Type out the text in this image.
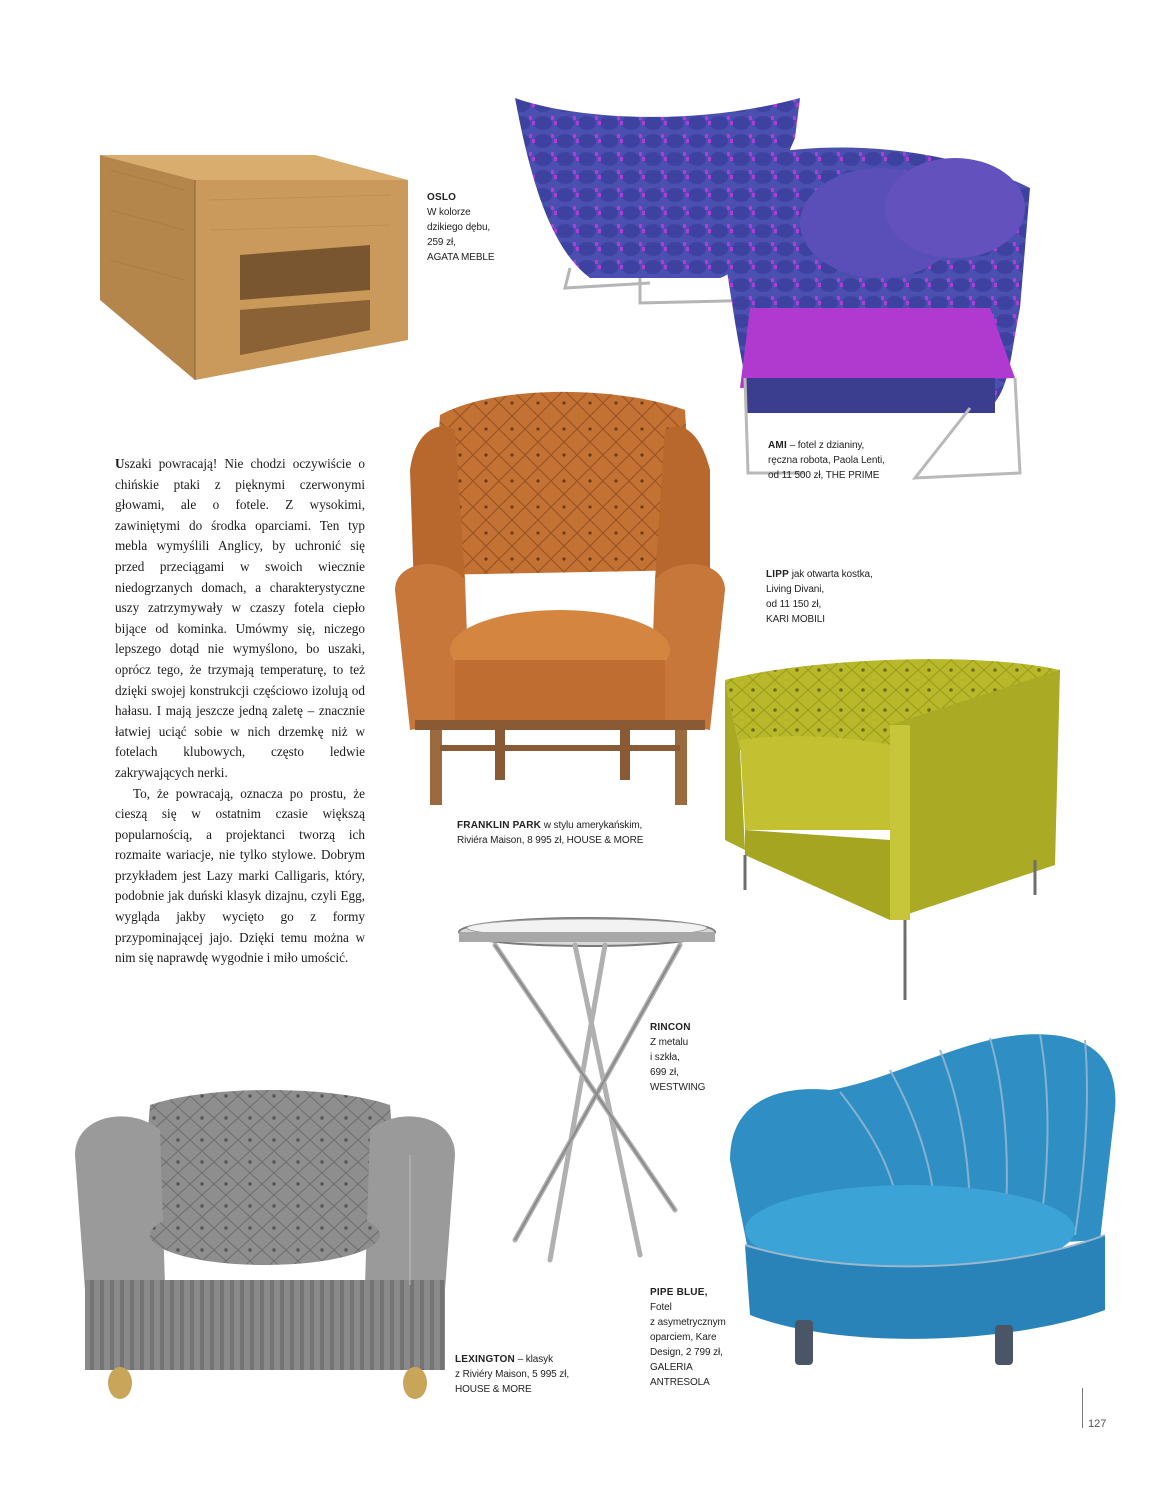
OSLO
W kolorze
dzikiego dębu,
259 zł,
AGATA MEBLE
AMI – fotel z dzianiny,
ręczna robota, Paola Lenti,
od 11 500 zł, THE PRIME

Uszaki powracają! Nie chodzi oczywiście o chińskie ptaki z pięknymi czerwonymi głowami, ale o fotele. Z wysokimi, zawiniętymi do środka oparciami. Ten typ mebla wymyślili Anglicy, by uchronić się przed przeciągami w swoich wiecznie niedogrzanych domach, a charakterystyczne uszy zatrzymywały w czaszy fotela ciepło bijące od kominka. Umówmy się, niczego lepszego dotąd nie wymyślono, bo uszaki, oprócz tego, że trzymają temperaturę, to też dzięki swojej konstrukcji częściowo izolują od hałasu. I mają jeszcze jedną zaletę – znacznie łatwiej uciąć sobie w nich drzemkę niż w fotelach klubowych, często ledwie zakrywających nerki.

To, że powracają, oznacza po prostu, że cieszą się w ostatnim czasie większą popularnością, a projektanci tworzą ich rozmaite wariacje, nie tylko stylowe. Dobrym przykładem jest Lazy marki Calligaris, który, podobnie jak duński klasyk dizajnu, czyli Egg, wygląda jakby wycięto go z formy przypominającej jajo. Dzięki temu można w nim się naprawdę wygodnie i miło umościć.

FRANKLIN PARK w stylu amerykańskim,
Riviéra Maison, 8 995 zł, HOUSE & MORE
LIPP jak otwarta kostka,
Living Divani,
od 11 150 zł,
KARI MOBILI
RINCON
Z metalu
i szkła,
699 zł,
WESTWING
PIPE BLUE,
Fotel
z asymetrycznym
oparciem, Kare
Design, 2 799 zł,
GALERIA
ANTRESOLA
LEXINGTON – klasyk
z Riviéry Maison, 5 995 zł,
HOUSE & MORE
127
